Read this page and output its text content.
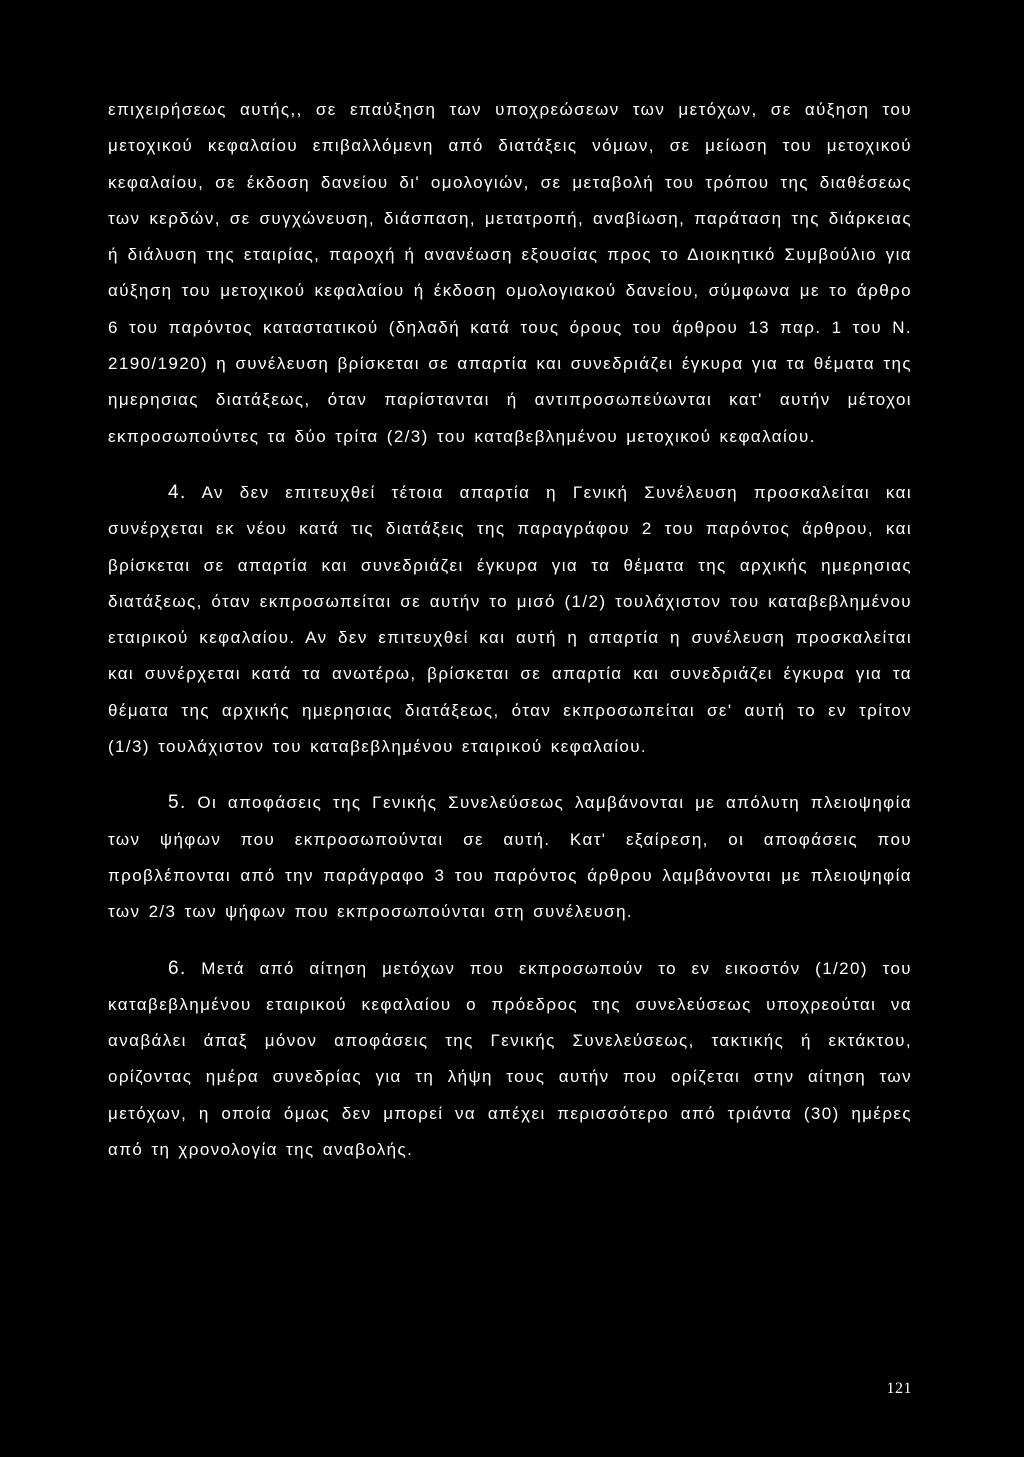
επιχειρήσεως αυτής,, σε επαύξηση των υποχρεώσεων των μετόχων, σε αύξηση του μετοχικού κεφαλαίου επιβαλλόμενη από διατάξεις νόμων, σε μείωση του μετοχικού κεφαλαίου, σε έκδοση δανείου δι' ομολογιών, σε μεταβολή του τρόπου της διαθέσεως των κερδών, σε συγχώνευση, διάσπαση, μετατροπή, αναβίωση, παράταση της διάρκειας ή διάλυση της εταιρίας, παροχή ή ανανέωση εξουσίας προς το Διοικητικό Συμβούλιο για αύξηση του μετοχικού κεφαλαίου ή έκδοση ομολογιακού δανείου, σύμφωνα με το άρθρο 6 του παρόντος καταστατικού (δηλαδή κατά τους όρους του άρθρου 13 παρ. 1 του Ν. 2190/1920) η συνέλευση βρίσκεται σε απαρτία και συνεδριάζει έγκυρα για τα θέματα της ημερησιας διατάξεως, όταν παρίστανται ή αντιπροσωπεύωνται κατ' αυτήν μέτοχοι εκπροσωπούντες τα δύο τρίτα (2/3) του καταβεβλημένου μετοχικού κεφαλαίου.

4. Αν δεν επιτευχθεί τέτοια απαρτία η Γενική Συνέλευση προσκαλείται και συνέρχεται εκ νέου κατά τις διατάξεις της παραγράφου 2 του παρόντος άρθρου, και βρίσκεται σε απαρτία και συνεδριάζει έγκυρα για τα θέματα της αρχικής ημερησιας διατάξεως, όταν εκπροσωπείται σε αυτήν το μισό (1/2) τουλάχιστον του καταβεβλημένου εταιρικού κεφαλαίου. Αν δεν επιτευχθεί και αυτή η απαρτία η συνέλευση προσκαλείται και συνέρχεται κατά τα ανωτέρω, βρίσκεται σε απαρτία και συνεδριάζει έγκυρα για τα θέματα της αρχικής ημερησιας διατάξεως, όταν εκπροσωπείται σε' αυτή το εν τρίτον (1/3) τουλάχιστον του καταβεβλημένου εταιρικού κεφαλαίου.

5. Οι αποφάσεις της Γενικής Συνελεύσεως λαμβάνονται με απόλυτη πλειοψηφία των ψήφων που εκπροσωπούνται σε αυτή. Κατ' εξαίρεση, οι αποφάσεις που προβλέπονται από την παράγραφο 3 του παρόντος άρθρου λαμβάνονται με πλειοψηφία των 2/3 των ψήφων που εκπροσωπούνται στη συνέλευση.

6. Μετά από αίτηση μετόχων που εκπροσωπούν το εν εικοστόν (1/20) του καταβεβλημένου εταιρικού κεφαλαίου ο πρόεδρος της συνελεύσεως υποχρεούται να αναβάλει άπαξ μόνον αποφάσεις της Γενικής Συνελεύσεως, τακτικής ή εκτάκτου, ορίζοντας ημέρα συνεδρίας για τη λήψη τους αυτήν που ορίζεται στην αίτηση των μετόχων, η οποία όμως δεν μπορεί να απέχει περισσότερο από τριάντα (30) ημέρες από τη χρονολογία της αναβολής.

121
